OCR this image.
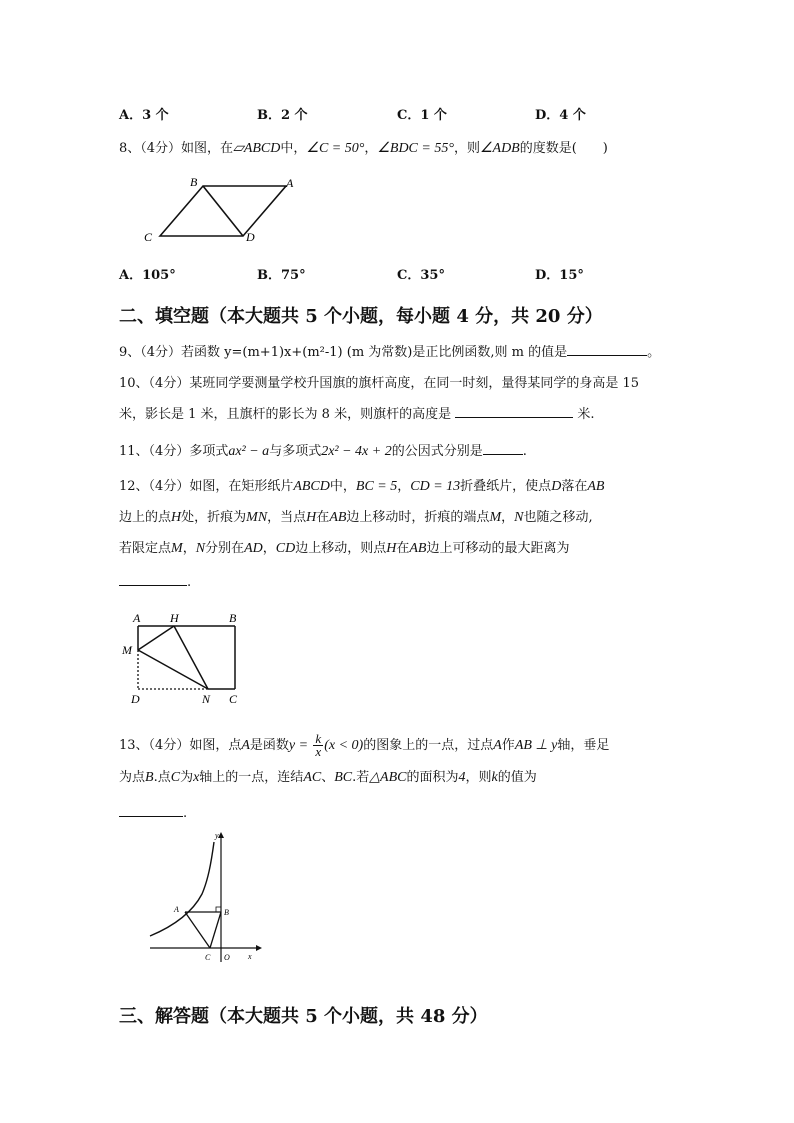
A．3 个	B．2 个	C．1 个	D．4 个
8、（4分）如图，在▱ABCD中，∠C = 50°，∠BDC = 55°，则∠ADB的度数是(　　)
B	A
C	D
A．105°	B．75°	C．35°	D．15°
二、填空题（本大题共 5 个小题，每小题 4 分，共 20 分）
9、（4分）若函数 y=(m+1)x+(m²-1) (m 为常数)是正比例函数,则 m 的值是	。
10、（4分）某班同学要测量学校升国旗的旗杆高度，在同一时刻，量得某同学的身高是 15
米，影长是 1 米，且旗杆的影长为 8 米，则旗杆的高度是	米.
11、（4分）多项式ax² − a与多项式2x² − 4x + 2的公因式分别是	.
12、（4分）如图，在矩形纸片ABCD中，BC = 5，CD = 13折叠纸片，使点D落在AB
边上的点H处，折痕为MN，当点H在AB边上移动时，折痕的端点M，N也随之移动,
若限定点M，N分别在AD，CD边上移动，则点H在AB边上可移动的最大距离为
.
A H	B
M
D	N C
13、（4分）如图，点A是函数$y = \frac{k}{x} (x < 0)$的图象上的一点，过点A作AB ⊥ y轴，垂足
为点B.点C为x轴上的一点，连结AC、BC.若△ABC的面积为4，则k的值为
.
y
x
A	B
C O
三、解答题（本大题共 5 个小题，共 48 分）
